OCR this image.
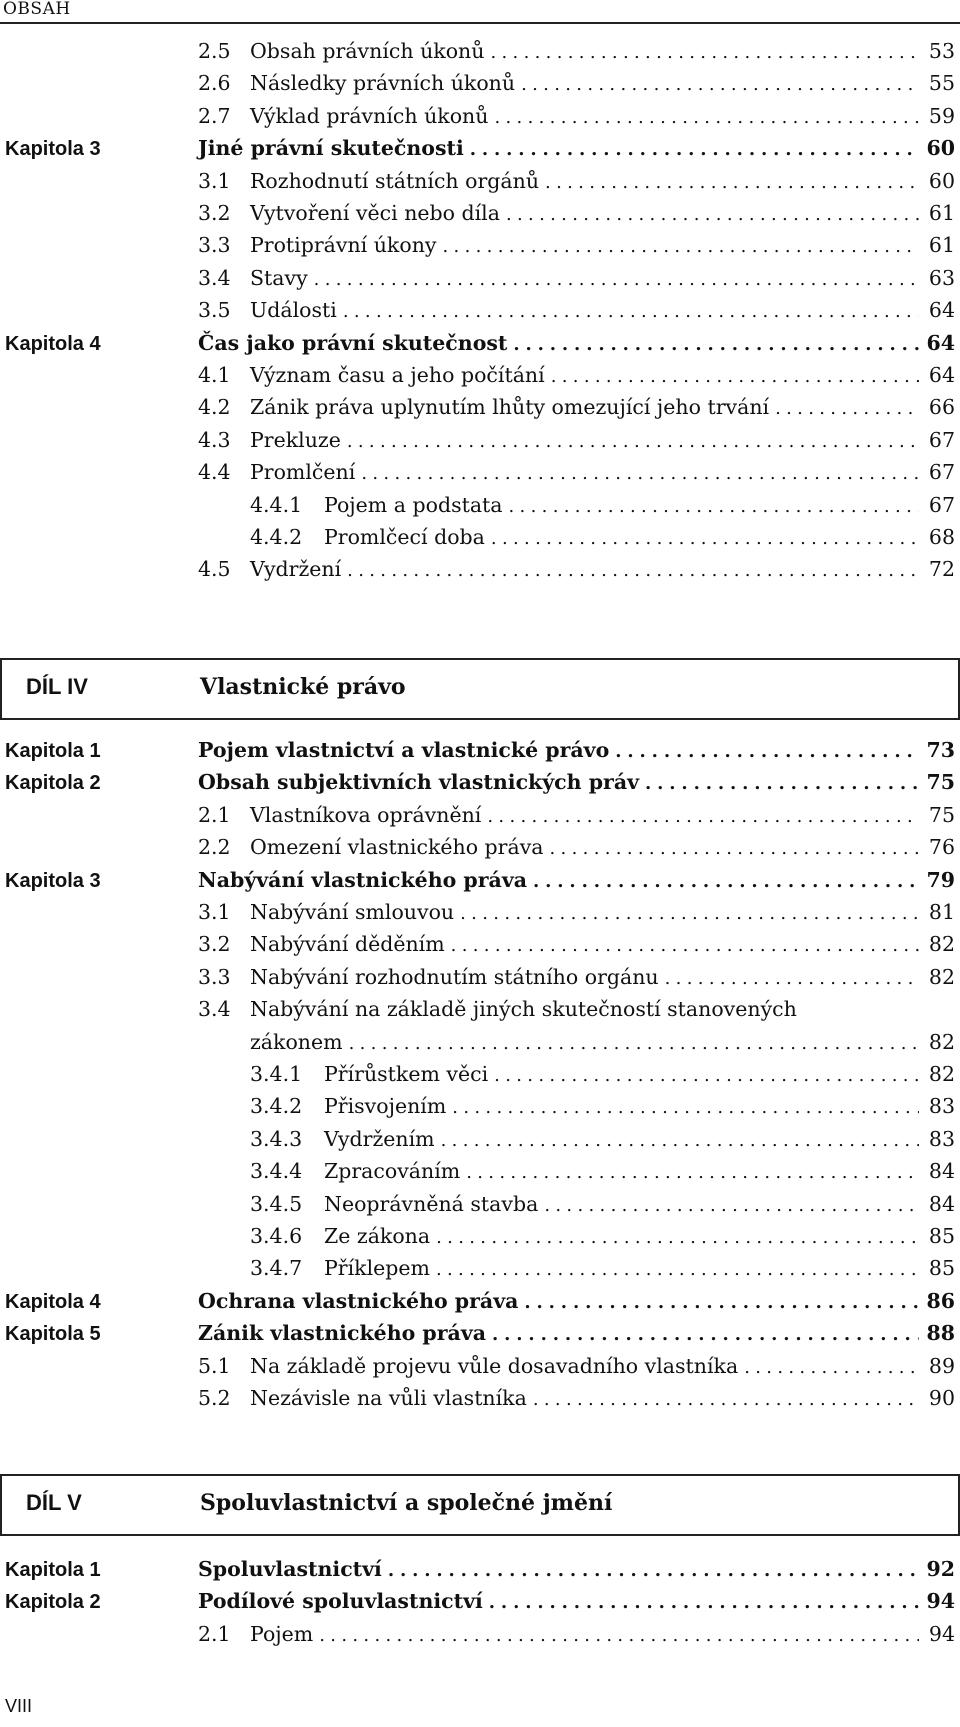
OBSAH
2.5 Obsah právních úkonů . . .	53
2.6 Následky právních úkonů . . .	55
2.7 Výklad právních úkonů . . .	59
Kapitola 3	Jiné právní skutečnosti . . .	60
3.1 Rozhodnutí státních orgánů . . .	60
3.2 Vytvoření věci nebo díla . . .	61
3.3 Protiprávní úkony . . .	61
3.4 Stavy . . .	63
3.5 Události . . .	64
Kapitola 4	Čas jako právní skutečnost . . .	64
4.1 Význam času a jeho počítání . . .	64
4.2 Zánik práva uplynutím lhůty omezující jeho trvání . . .	66
4.3 Prekluze . . .	67
4.4 Promlčení . . .	67
4.4.1	Pojem a podstata . . .	67
4.4.2	Promlčecí doba . . .	68
4.5 Vydržení . . .	72
DÍL IV	Vlastnické právo
Kapitola 1	Pojem vlastnictví a vlastnické právo . . .	73
Kapitola 2	Obsah subjektivních vlastnických práv . . .	75
2.1 Vlastníkova oprávnění . . .	75
2.2 Omezení vlastnického práva . . .	76
Kapitola 3	Nabývání vlastnického práva . . .	79
3.1 Nabývání smlouvou . . .	81
3.2 Nabývání děděním . . .	82
3.3 Nabývání rozhodnutím státního orgánu . . .	82
3.4 Nabývání na základě jiných skutečností stanovených
zákonem . . .	82
3.4.1	Přírůstkem věci . . .	82
3.4.2	Přisvojením . . .	83
3.4.3	Vydržením . . .	83
3.4.4	Zpracováním . . .	84
3.4.5	Neoprávněná stavba . . .	84
3.4.6	Ze zákona . . .	85
3.4.7	Příklepem . . .	85
Kapitola 4	Ochrana vlastnického práva . . .	86
Kapitola 5	Zánik vlastnického práva . . .	88
5.1 Na základě projevu vůle dosavadního vlastníka . . .	89
5.2 Nezávisle na vůli vlastníka . . .	90
DÍL V	Spoluvlastnictví a společné jmění
Kapitola 1	Spoluvlastnictví . . .	92
Kapitola 2	Podílové spoluvlastnictví . . .	94
2.1 Pojem . . .	94
VIII
